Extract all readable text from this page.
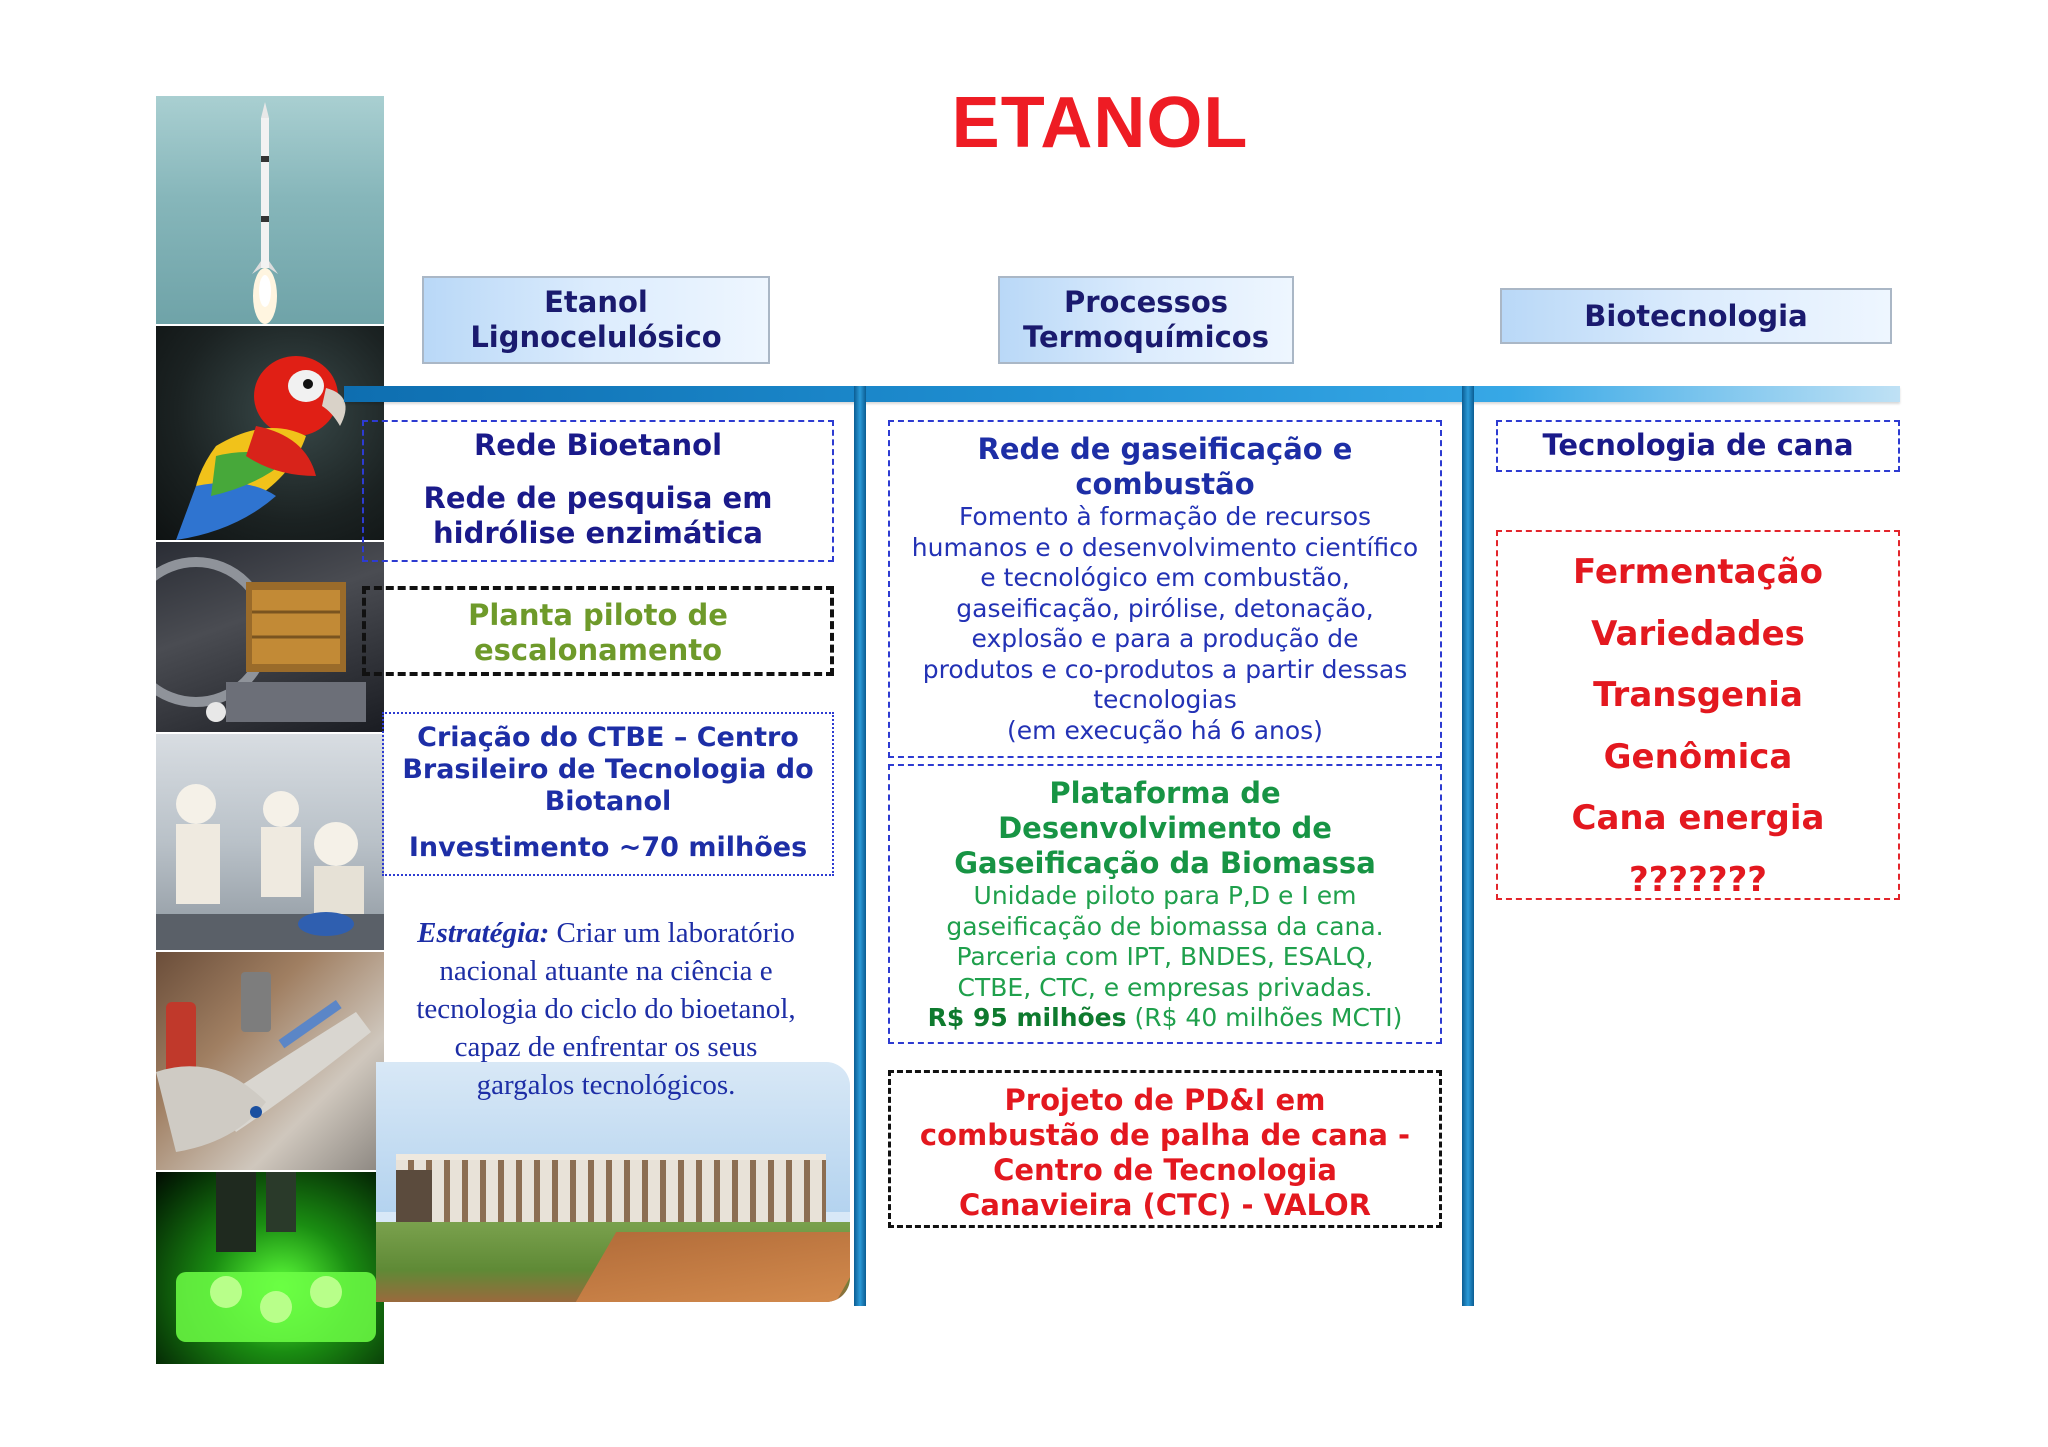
ETANOL
Etanol
Lignocelulósico
Processos
Termoquímicos
Biotecnologia
Rede Bioetanol
Rede de pesquisa em
hidrólise enzimática
Planta piloto de
escalonamento
Criação do CTBE – Centro
Brasileiro de Tecnologia do
Biotanol
Investimento ~70 milhões
Estratégia: Criar um laboratório
nacional atuante na ciência e
tecnologia do ciclo do bioetanol,
capaz de enfrentar os seus
gargalos tecnológicos.
Rede de gaseificação e
combustão
Fomento à formação de recursos
humanos e o desenvolvimento científico
e tecnológico em combustão,
gaseificação, pirólise, detonação,
explosão e para a produção de
produtos e co-produtos a partir dessas
tecnologias
(em execução há 6 anos)
Plataforma de
Desenvolvimento de
Gaseificação da Biomassa
Unidade piloto para P,D e I em
gaseificação de biomassa da cana.
Parceria com IPT, BNDES, ESALQ,
CTBE, CTC, e empresas privadas.
R$ 95 milhões (R$ 40 milhões MCTI)
Projeto de PD&I em
combustão de palha de cana -
Centro de Tecnologia
Canavieira (CTC) - VALOR
Tecnologia de cana
Fermentação
Variedades
Transgenia
Genômica
Cana energia
???????
